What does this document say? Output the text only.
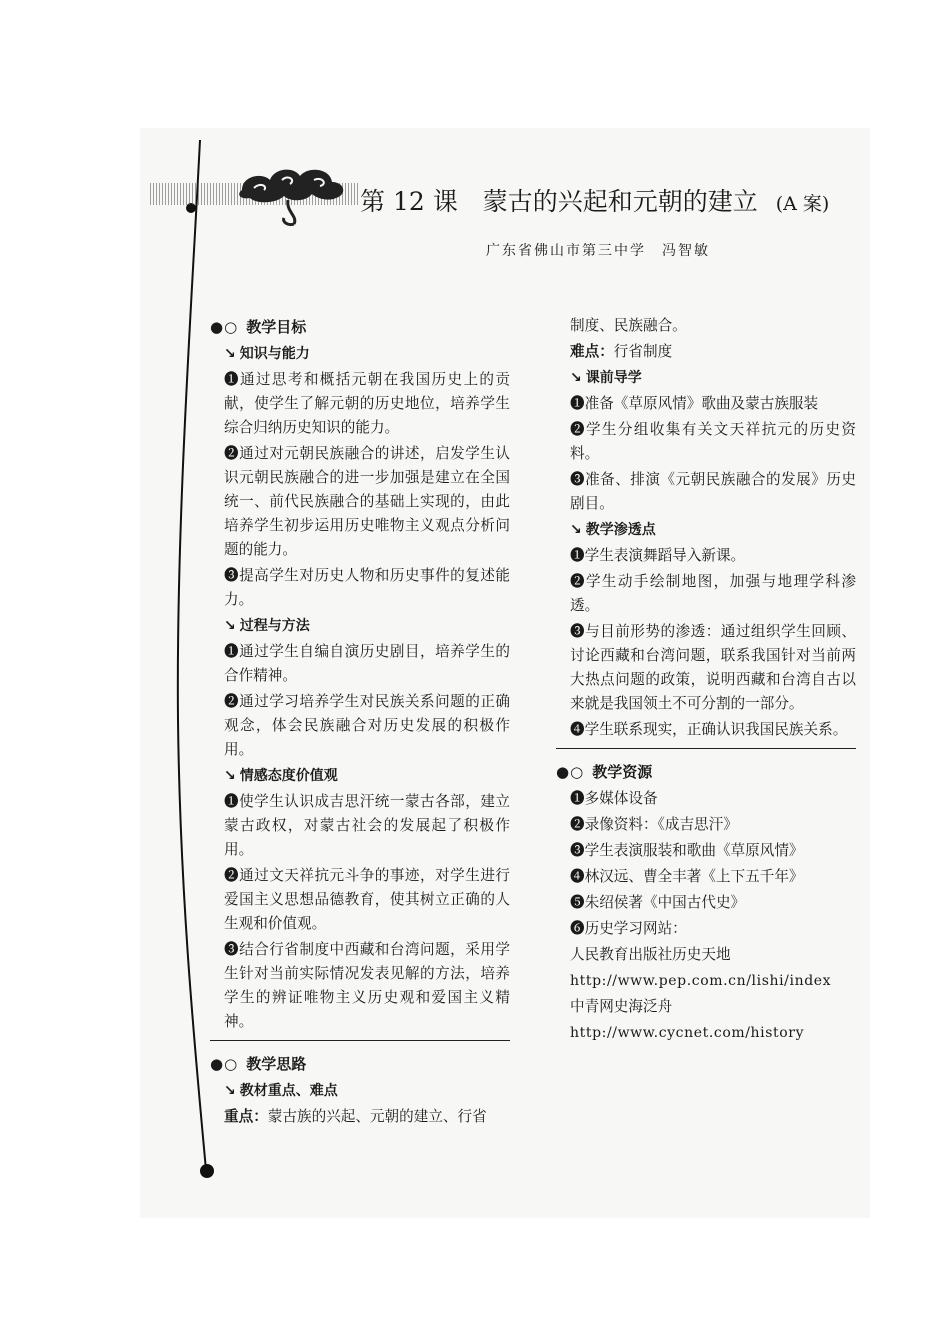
第 12 课　蒙古的兴起和元朝的建立 (A 案)
广东省佛山市第三中学　冯智敏
●○ 教学目标
↘ 知识与能力
❶通过思考和概括元朝在我国历史上的贡献，使学生了解元朝的历史地位，培养学生综合归纳历史知识的能力。
❷通过对元朝民族融合的讲述，启发学生认识元朝民族融合的进一步加强是建立在全国统一、前代民族融合的基础上实现的，由此培养学生初步运用历史唯物主义观点分析问题的能力。
❸提高学生对历史人物和历史事件的复述能力。
↘ 过程与方法
❶通过学生自编自演历史剧目，培养学生的合作精神。
❷通过学习培养学生对民族关系问题的正确观念，体会民族融合对历史发展的积极作用。
↘ 情感态度价值观
❶使学生认识成吉思汗统一蒙古各部，建立蒙古政权，对蒙古社会的发展起了积极作用。
❷通过文天祥抗元斗争的事迹，对学生进行爱国主义思想品德教育，使其树立正确的人生观和价值观。
❸结合行省制度中西藏和台湾问题，采用学生针对当前实际情况发表见解的方法，培养学生的辨证唯物主义历史观和爱国主义精神。
●○ 教学思路
↘ 教材重点、难点
重点：蒙古族的兴起、元朝的建立、行省
制度、民族融合。
难点：行省制度
↘ 课前导学
❶准备《草原风情》歌曲及蒙古族服装
❷学生分组收集有关文天祥抗元的历史资料。
❸准备、排演《元朝民族融合的发展》历史剧目。
↘ 教学渗透点
❶学生表演舞蹈导入新课。
❷学生动手绘制地图，加强与地理学科渗透。
❸与目前形势的渗透：通过组织学生回顾、讨论西藏和台湾问题，联系我国针对当前两大热点问题的政策，说明西藏和台湾自古以来就是我国领土不可分割的一部分。
❹学生联系现实，正确认识我国民族关系。
●○ 教学资源
❶多媒体设备
❷录像资料：《成吉思汗》
❸学生表演服装和歌曲《草原风情》
❹林汉远、曹全丰著《上下五千年》
❺朱绍侯著《中国古代史》
❻历史学习网站：
人民教育出版社历史天地
http://www.pep.com.cn/lishi/index
中青网史海泛舟
http://www.cycnet.com/history
